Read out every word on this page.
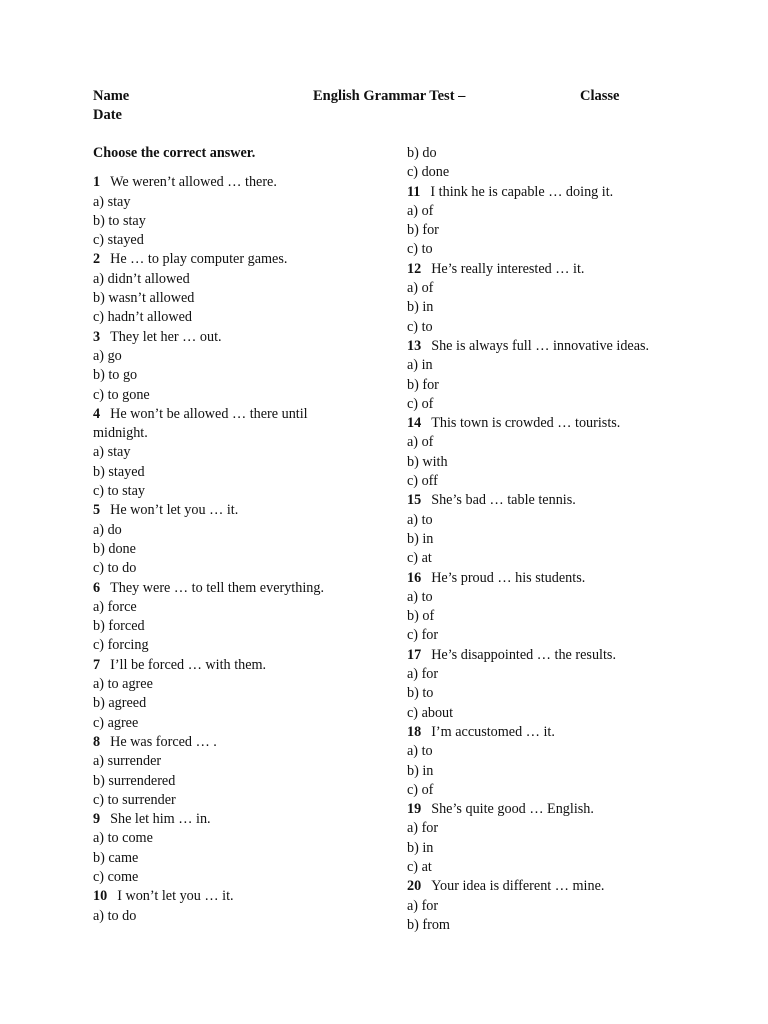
Name	English Grammar Test –	Classe
Date
Choose the correct answer.
1 We weren’t allowed … there.
a) stay
b) to stay
c) stayed
2 He … to play computer games.
a) didn’t allowed
b) wasn’t allowed
c) hadn’t allowed
3 They let her … out.
a) go
b) to go
c) to gone
4 He won’t be allowed … there until midnight.
a) stay
b) stayed
c) to stay
5 He won’t let you … it.
a) do
b) done
c) to do
6 They were … to tell them everything.
a) force
b) forced
c) forcing
7 I’ll be forced … with them.
a) to agree
b) agreed
c) agree
8 He was forced … .
a) surrender
b) surrendered
c) to surrender
9 She let him … in.
a) to come
b) came
c) come
10 I won’t let you … it.
a) to do
b) do
c) done
11 I think he is capable … doing it.
a) of
b) for
c) to
12 He’s really interested … it.
a) of
b) in
c) to
13 She is always full … innovative ideas.
a) in
b) for
c) of
14 This town is crowded … tourists.
a) of
b) with
c) off
15 She’s bad … table tennis.
a) to
b) in
c) at
16 He’s proud … his students.
a) to
b) of
c) for
17 He’s disappointed … the results.
a) for
b) to
c) about
18 I’m accustomed … it.
a) to
b) in
c) of
19 She’s quite good … English.
a) for
b) in
c) at
20 Your idea is different … mine.
a) for
b) from
